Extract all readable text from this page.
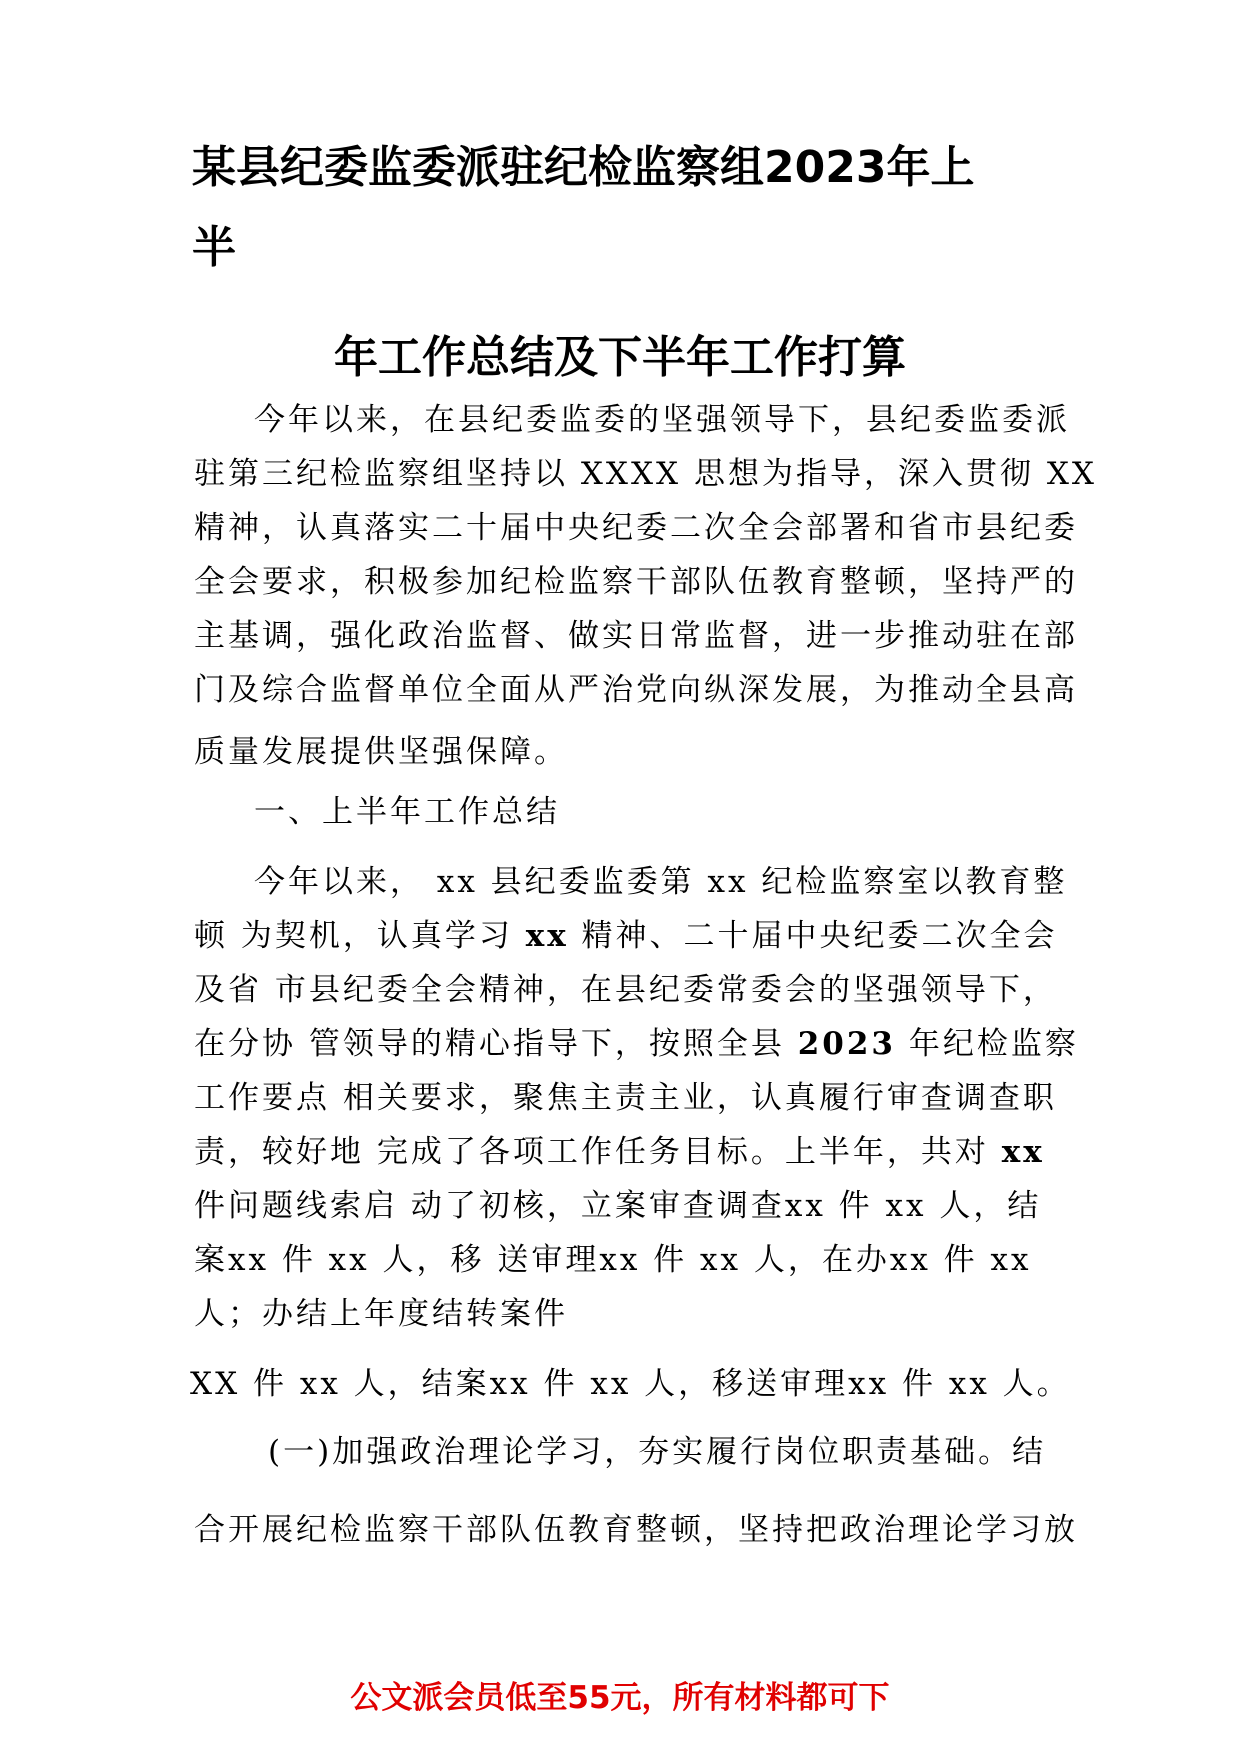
某县纪委监委派驻纪检监察组2023年上
半
年工作总结及下半年工作打算
今年以来，在县纪委监委的坚强领导下，县纪委监委派
驻第三纪检监察组坚持以 XXXX 思想为指导，深入贯彻 XX
精神，认真落实二十届中央纪委二次全会部署和省市县纪委
全会要求，积极参加纪检监察干部队伍教育整顿，坚持严的
主基调，强化政治监督、做实日常监督，进一步推动驻在部
门及综合监督单位全面从严治党向纵深发展，为推动全县高
质量发展提供坚强保障。
一、上半年工作总结
今年以来， xx 县纪委监委第 xx 纪检监察室以教育整
顿 为契机，认真学习 xx 精神、二十届中央纪委二次全会
及省 市县纪委全会精神，在县纪委常委会的坚强领导下，
在分协 管领导的精心指导下，按照全县 2023 年纪检监察
工作要点 相关要求，聚焦主责主业，认真履行审查调查职
责，较好地 完成了各项工作任务目标。上半年，共对 xx
件问题线索启 动了初核，立案审查调查xx 件 xx 人，结
案xx 件 xx 人，移 送审理xx 件 xx 人，在办xx 件 xx
人；办结上年度结转案件
XX 件 xx 人，结案xx 件 xx 人，移送审理xx 件 xx 人。
(一)加强政治理论学习，夯实履行岗位职责基础。结
合开展纪检监察干部队伍教育整顿，坚持把政治理论学习放
公文派会员低至55元，所有材料都可下
